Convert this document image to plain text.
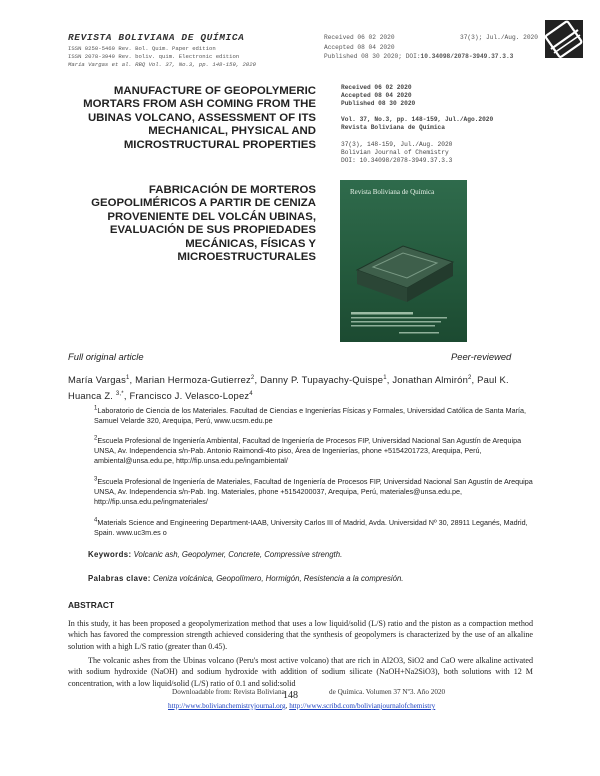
REVISTA BOLIVIANA DE QUÍMICA
ISSN 0250-5460 Rev. Bol. Quim. Paper edition
ISSN 2078-3949 Rev. boliv. quim. Electronic edition
María Vargas et al. RBQ Vol. 37, No.3, pp. 148-159, 2020
Received 06 02 2020	37(3); Jul./Aug. 2020
Accepted 08 04 2020
Published 08 30 2020; DOI:10.34098/2078-3949.37.3.3
MANUFACTURE OF GEOPOLYMERIC MORTARS FROM ASH COMING FROM THE UBINAS VOLCANO, ASSESSMENT OF ITS MECHANICAL, PHYSICAL AND MICROSTRUCTURAL PROPERTIES
FABRICACIÓN DE MORTEROS GEOPOLIMÉRICOS A PARTIR DE CENIZA PROVENIENTE DEL VOLCÁN UBINAS, EVALUACIÓN DE SUS PROPIEDADES MECÁNICAS, FÍSICAS Y MICROESTRUCTURALES
Received 06 02 2020
Accepted 08 04 2020
Published 08 30 2020
Vol. 37, No.3, pp. 148-159, Jul./Ago.2020
Revista Boliviana de Química
37(3), 148-159, Jul./Aug. 2020
Bolivian Journal of Chemistry
DOI: 10.34098/2078-3949.37.3.3
Revista Boliviana de Química
Full original article	Peer-reviewed
María Vargas$^1$, Marian Hermoza-Gutierrez$^2$, Danny P. Tupayachy-Quispe$^1$, Jonathan Almirón$^2$, Paul K. Huanca Z. $^{3,*}$, Francisco J. Velasco-Lopez$^4$
$^1$Laboratorio de Ciencia de los Materiales. Facultad de Ciencias e Ingenierías Físicas y Formales, Universidad Católica de Santa María, Samuel Velarde 320, Arequipa, Perú, www.ucsm.edu.pe
$^2$Escuela Profesional de Ingeniería Ambiental, Facultad de Ingeniería de Procesos FIP, Universidad Nacional San Agustín de Arequipa UNSA, Av. Independencia s/n-Pab. Antonio Raimondi-4to piso, Área de Ingenierías, phone +5154201723, Arequipa, Perú, ambiental@unsa.edu.pe, http://fip.unsa.edu.pe/ingambiental/
$^3$Escuela Profesional de Ingeniería de Materiales, Facultad de Ingeniería de Procesos FIP, Universidad Nacional San Agustín de Arequipa UNSA, Av. Independencia s/n-Pab. Ing. Materiales, phone +5154200037, Arequipa, Perú, materiales@unsa.edu.pe, http://fip.unsa.edu.pe/ingmateriales/
$^4$Materials Science and Engineering Department-IAAB, University Carlos III of Madrid, Avda. Universidad Nº 30, 28911 Leganés, Madrid, Spain. www.uc3m.es o
Keywords: Volcanic ash, Geopolymer, Concrete, Compressive strength.
Palabras clave: Ceniza volcánica, Geopolímero, Hormigón, Resistencia a la compresión.
ABSTRACT

In this study, it has been proposed a geopolymerization method that uses a low liquid/solid (L/S) ratio and the piston as a compaction method which has favored the compression strength achieved considering that the synthesis of geopolymers is characterized by the use of an alkaline solution with a high L/S ratio (greater than 0.45).

The volcanic ashes from the Ubinas volcano (Peru's most active volcano) that are rich in Al2O3, SiO2 and CaO were alkaline activated with sodium hydroxide (NaOH) and sodium hydroxide with addition of sodium silicate (NaOH+Na2SiO3), both solutions with 12 M concentration, with a low liquid/solid (L/S) ratio of 0.1 and solid:solid

Downloadable from: Revista Boliviana
148	de Química. Volumen 37 Nº3. Año 2020
http://www.bolivianchemistryjournal.org, http://www.scribd.com/bolivianjournalofchemistry
